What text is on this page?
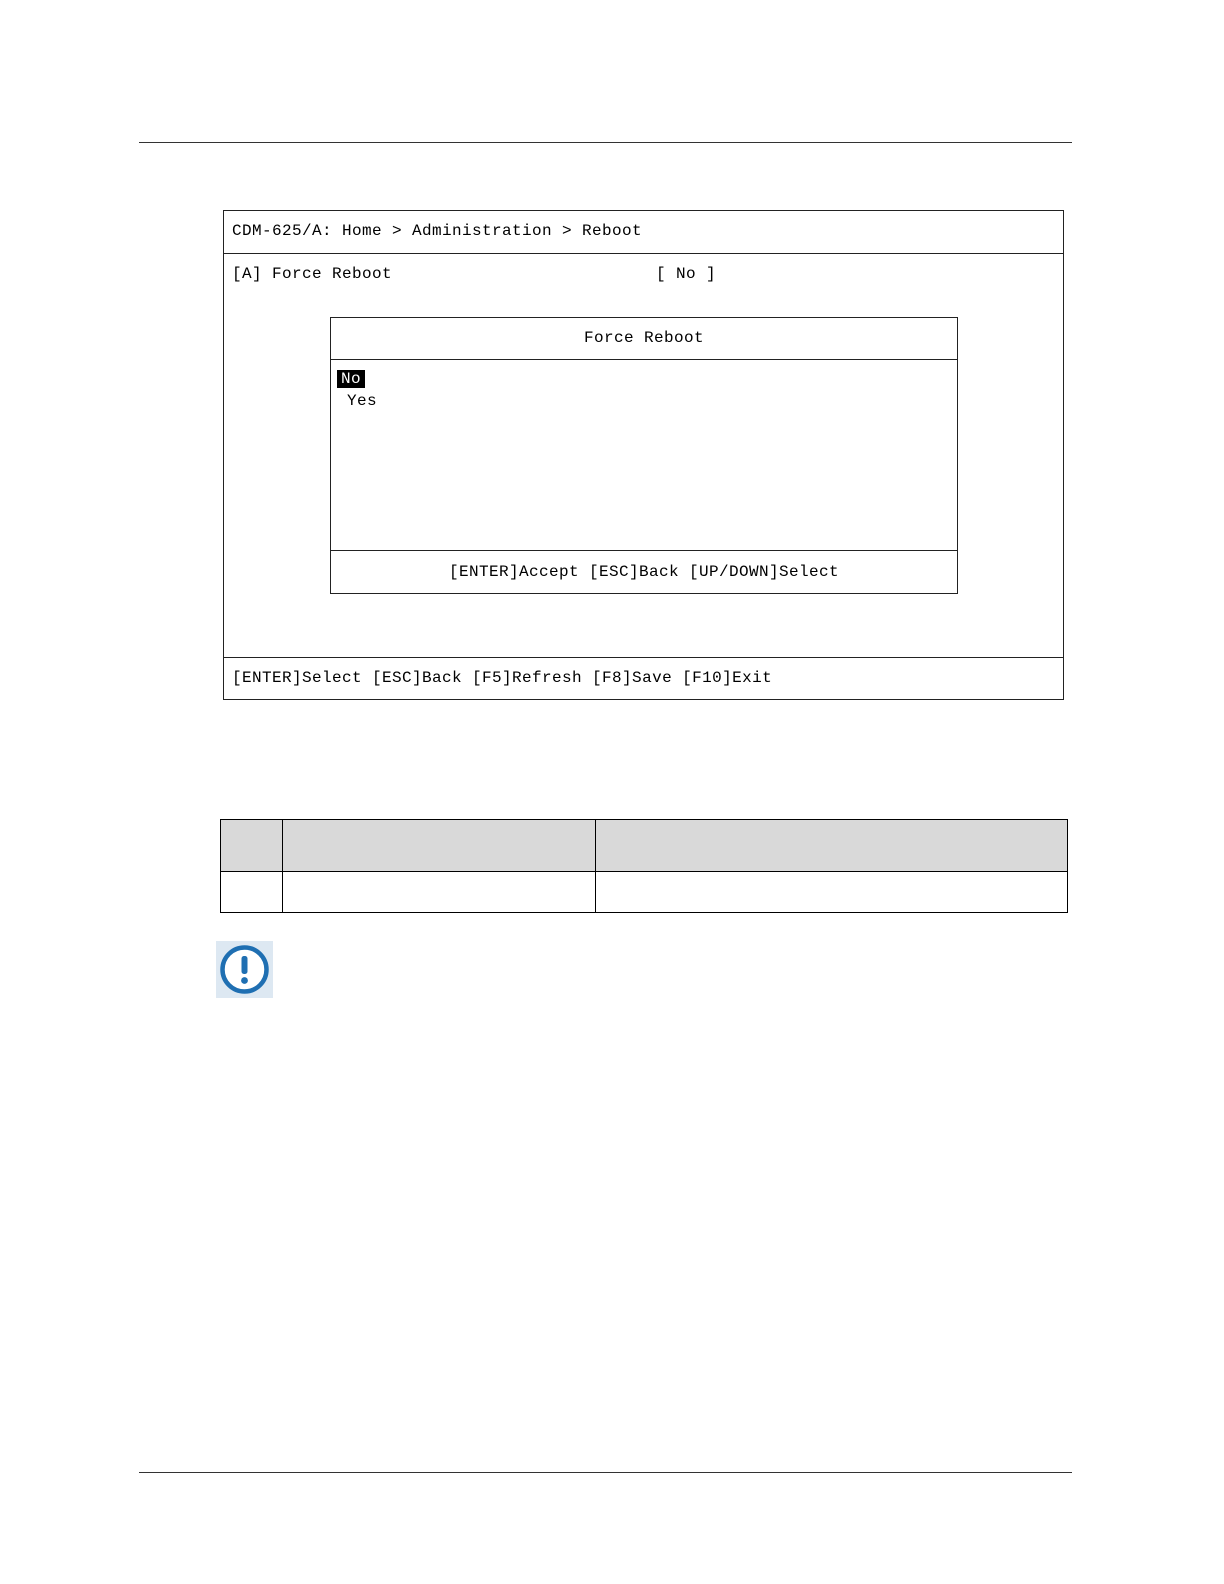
CDM-625/A: Home > Administration > Reboot
[A] Force Reboot	[ No ]
Force Reboot
No
Yes
[ENTER]Accept [ESC]Back [UP/DOWN]Select
[ENTER]Select [ESC]Back [F5]Refresh [F8]Save [F10]Exit
